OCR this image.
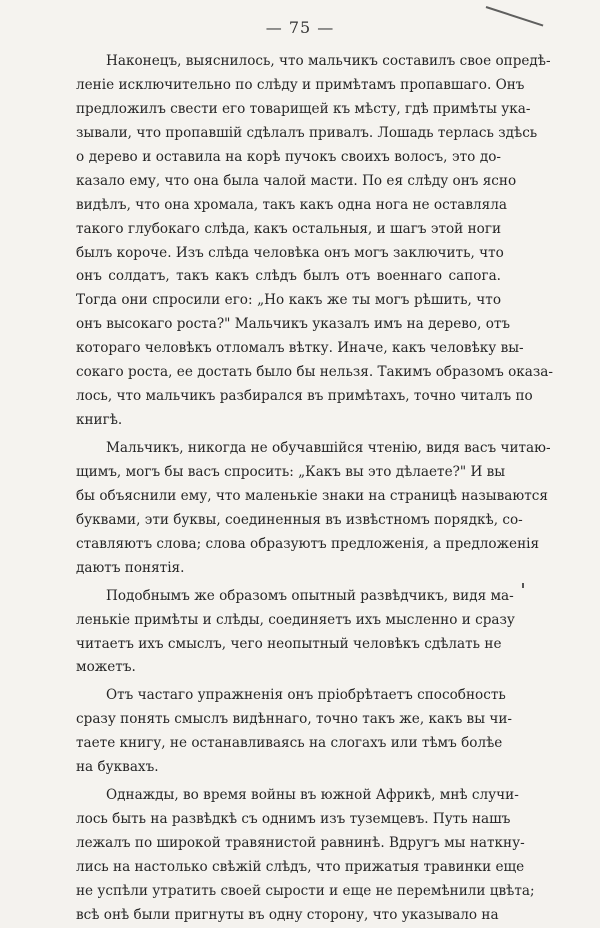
— 75 —
Наконецъ, выяснилось, что мальчикъ составилъ свое опредѣ-
леніе исключительно по слѣду и примѣтамъ пропавшаго. Онъ
предложилъ свести его товарищей къ мѣсту, гдѣ примѣты ука-
зывали, что пропавшій сдѣлалъ привалъ. Лошадь терлась здѣсь
о дерево и оставила на корѣ пучокъ своихъ волосъ, это до-
казало ему, что она была чалой масти. По ея слѣду онъ ясно
видѣлъ, что она хромала, такъ какъ одна нога не оставляла
такого глубокаго слѣда, какъ остальныя, и шагъ этой ноги
былъ короче. Изъ слѣда человѣка онъ могъ заключить, что
онъ солдатъ, такъ какъ слѣдъ былъ отъ военнаго сапога.
Тогда они спросили его: „Но какъ же ты могъ рѣшить, что
онъ высокаго роста?" Мальчикъ указалъ имъ на дерево, отъ
котораго человѣкъ отломалъ вѣтку. Иначе, какъ человѣку вы-
сокаго роста, ее достать было бы нельзя. Такимъ образомъ оказа-
лось, что мальчикъ разбирался въ примѣтахъ, точно читалъ по
книгѣ.
Мальчикъ, никогда не обучавшійся чтенію, видя васъ читаю-
щимъ, могъ бы васъ спросить: „Какъ вы это дѣлаете?" И вы
бы объяснили ему, что маленькіе знаки на страницѣ называются
буквами, эти буквы, соединенныя въ извѣстномъ порядкѣ, со-
ставляютъ слова; слова образуютъ предложенія, а предложенія
даютъ понятія.
Подобнымъ же образомъ опытный развѣдчикъ, видя ма-
ленькіе примѣты и слѣды, соединяетъ ихъ мысленно и сразу
читаетъ ихъ смыслъ, чего неопытный человѣкъ сдѣлать не
можетъ.
Отъ частаго упражненія онъ пріобрѣтаетъ способность
сразу понять смыслъ видѣннаго, точно такъ же, какъ вы чи-
таете книгу, не останавливаясь на слогахъ или тѣмъ болѣе
на буквахъ.
Однажды, во время войны въ южной Африкѣ, мнѣ случи-
лось быть на развѣдкѣ съ однимъ изъ туземцевъ. Путь нашъ
лежалъ по широкой травянистой равнинѣ. Вдругъ мы наткну-
лись на настолько свѣжій слѣдъ, что прижатыя травинки еще
не успѣли утратить своей сырости и еще не перемѣнили цвѣта;
всѣ онѣ были пригнуты въ одну сторону, что указывало на
